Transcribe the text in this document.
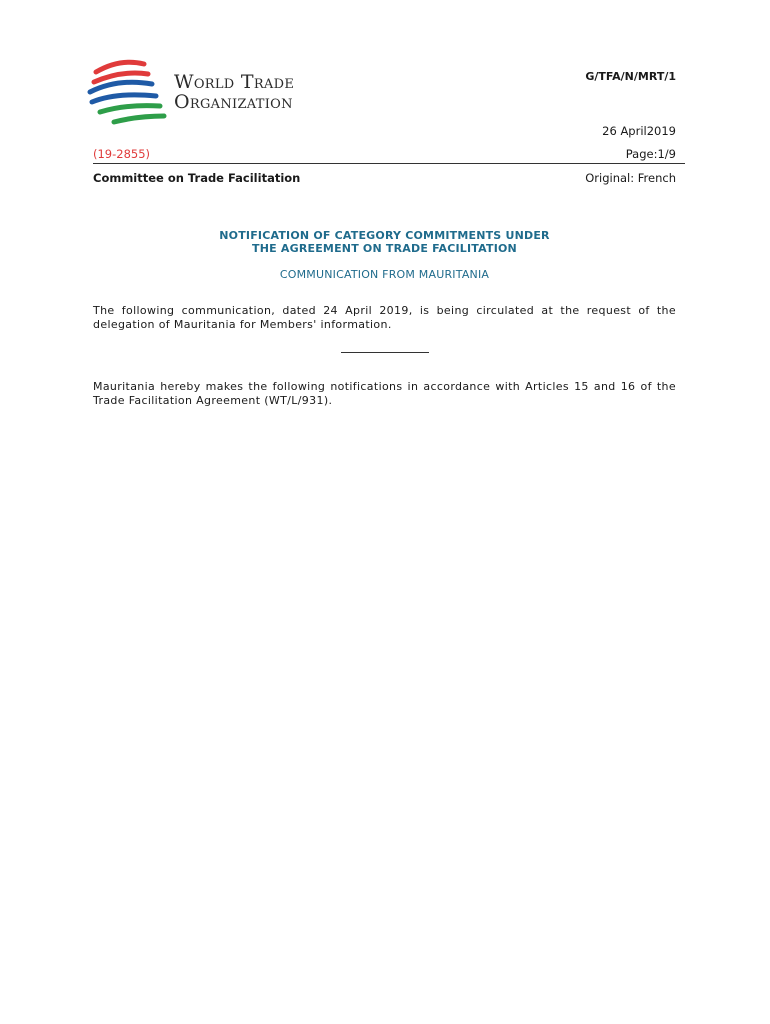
World Trade
Organization
G/TFA/N/MRT/1
26 April2019
(19-2855)	Page:1/9
Committee on Trade Facilitation	Original: French
NOTIFICATION OF CATEGORY COMMITMENTS UNDER
THE AGREEMENT ON TRADE FACILITATION
COMMUNICATION FROM MAURITANIA
The following communication, dated 24 April 2019, is being circulated at the request of the delegation of Mauritania for Members' information.
Mauritania hereby makes the following notifications in accordance with Articles 15 and 16 of the Trade Facilitation Agreement (WT/L/931).
